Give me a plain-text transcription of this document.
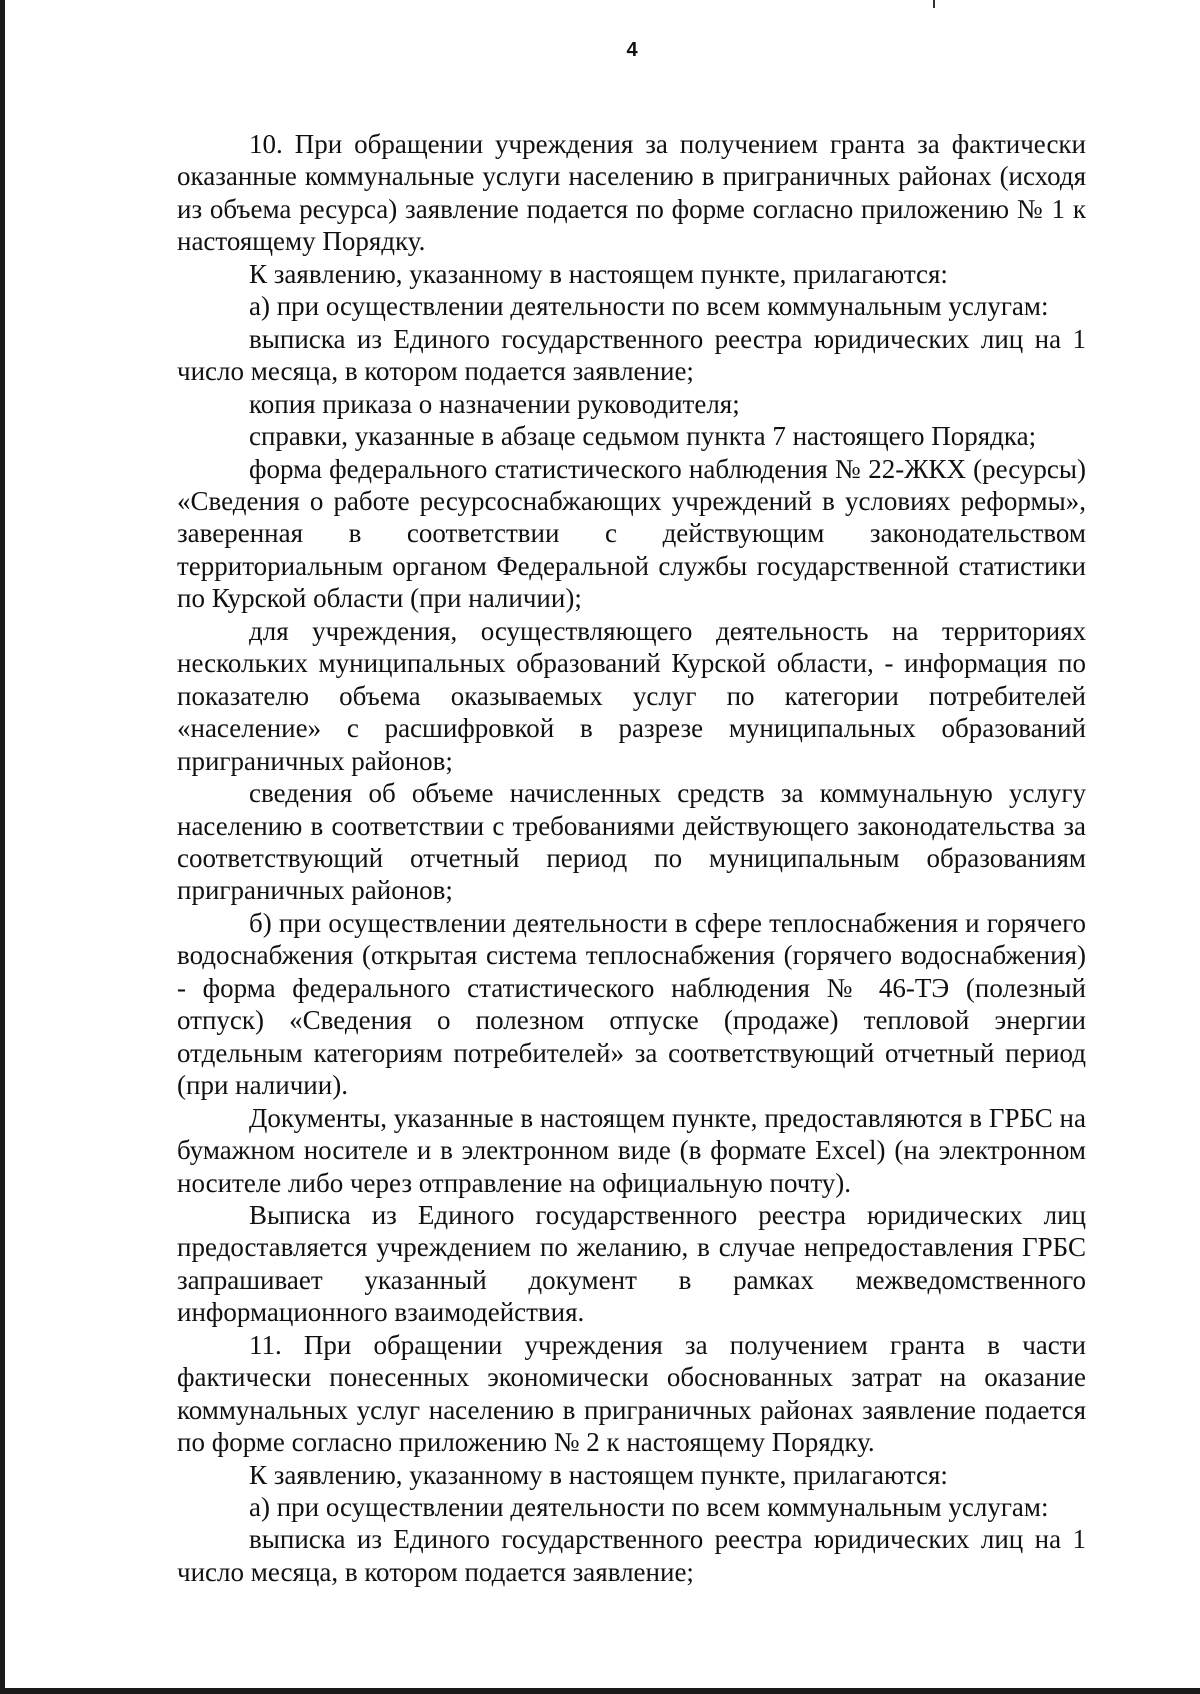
4

10. При обращении учреждения за получением гранта за фактически оказанные коммунальные услуги населению в приграничных районах (исходя из объема ресурса) заявление подается по форме согласно приложению № 1 к настоящему Порядку.

К заявлению, указанному в настоящем пункте, прилагаются:

а) при осуществлении деятельности по всем коммунальным услугам:

выписка из Единого государственного реестра юридических лиц на 1 число месяца, в котором подается заявление;

копия приказа о назначении руководителя;

справки, указанные в абзаце седьмом пункта 7 настоящего Порядка;

форма федерального статистического наблюдения № 22-ЖКХ (ресурсы) «Сведения о работе ресурсоснабжающих учреждений в условиях реформы», заверенная в соответствии с действующим законодательством территориальным органом Федеральной службы государственной статистики по Курской области (при наличии);

для учреждения, осуществляющего деятельность на территориях нескольких муниципальных образований Курской области, - информация по показателю объема оказываемых услуг по категории потребителей «население» с расшифровкой в разрезе муниципальных образований приграничных районов;

сведения об объеме начисленных средств за коммунальную услугу населению в соответствии с требованиями действующего законодательства за соответствующий отчетный период по муниципальным образованиям приграничных районов;

б) при осуществлении деятельности в сфере теплоснабжения и горячего водоснабжения (открытая система теплоснабжения (горячего водоснабжения) - форма федерального статистического наблюдения № 46-ТЭ (полезный отпуск) «Сведения о полезном отпуске (продаже) тепловой энергии отдельным категориям потребителей» за соответствующий отчетный период (при наличии).

Документы, указанные в настоящем пункте, предоставляются в ГРБС на бумажном носителе и в электронном виде (в формате Excel) (на электронном носителе либо через отправление на официальную почту).

Выписка из Единого государственного реестра юридических лиц предоставляется учреждением по желанию, в случае непредоставления ГРБС запрашивает указанный документ в рамках межведомственного информационного взаимодействия.

11. При обращении учреждения за получением гранта в части фактически понесенных экономически обоснованных затрат на оказание коммунальных услуг населению в приграничных районах заявление подается по форме согласно приложению № 2 к настоящему Порядку.

К заявлению, указанному в настоящем пункте, прилагаются:

а) при осуществлении деятельности по всем коммунальным услугам:

выписка из Единого государственного реестра юридических лиц на 1 число месяца, в котором подается заявление;
